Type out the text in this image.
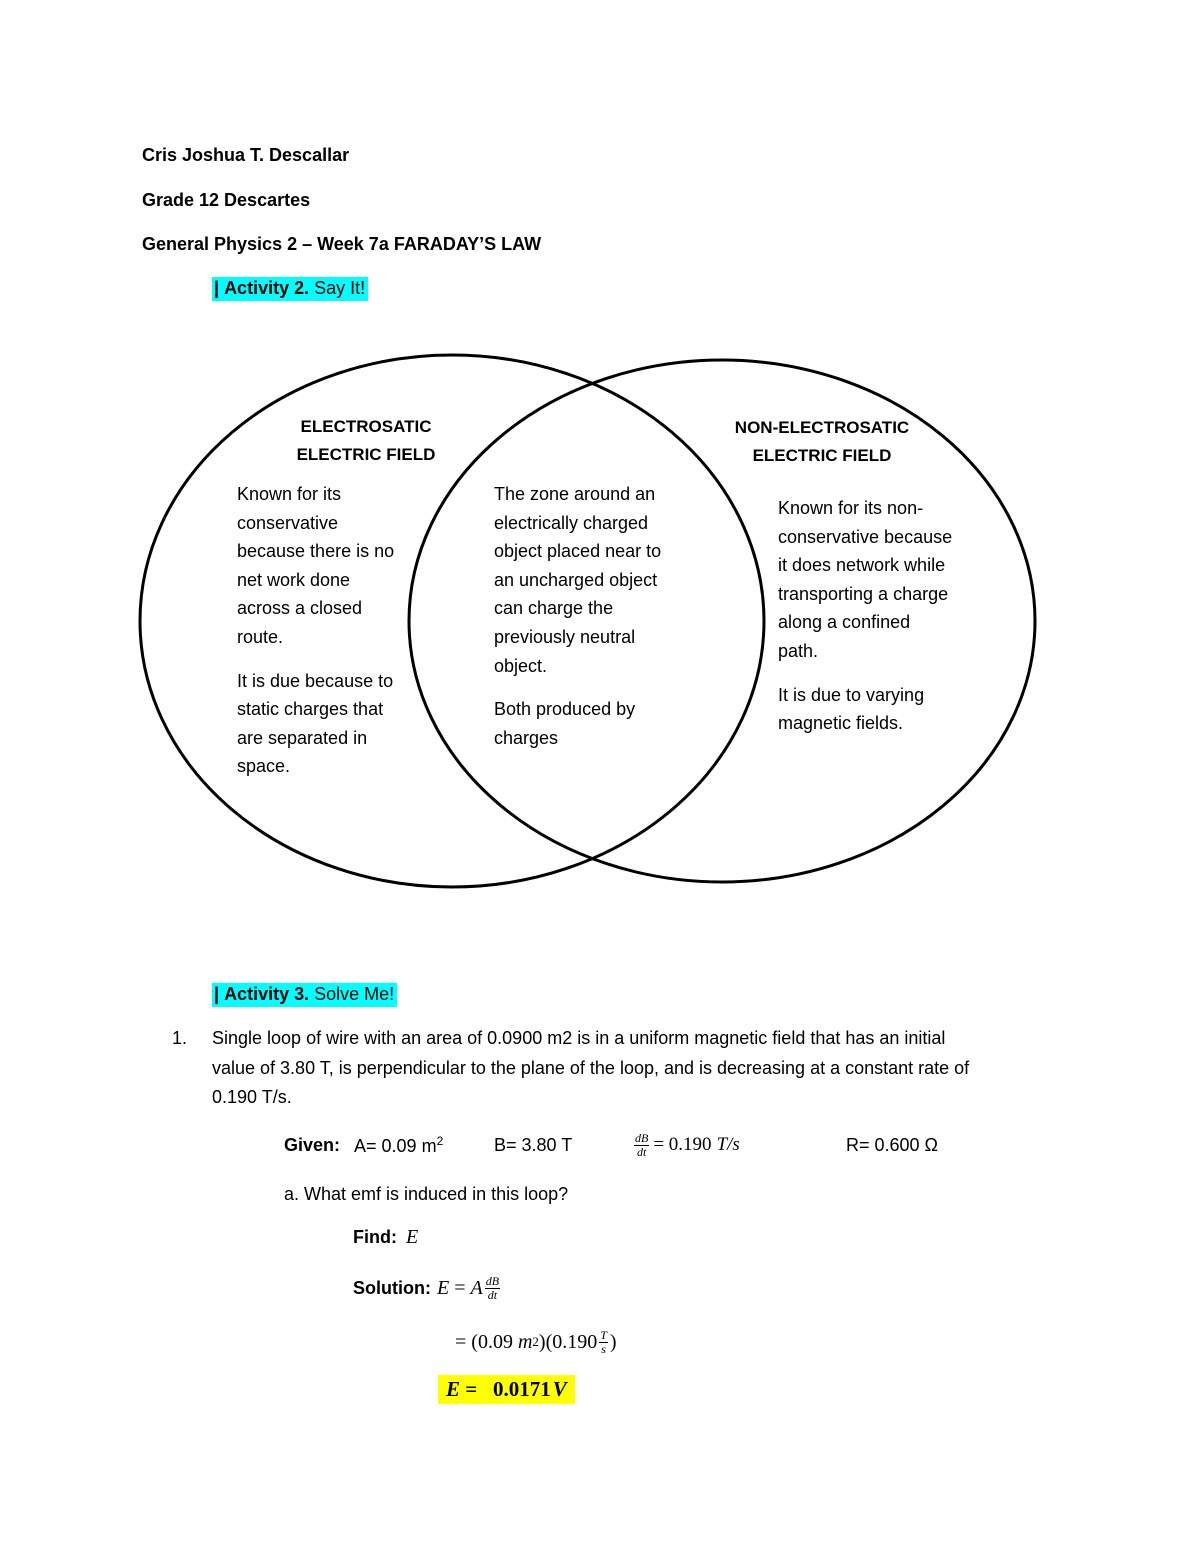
Cris Joshua T. Descallar
Grade 12 Descartes
General Physics 2 – Week 7a FARADAY’S LAW
| Activity 2. Say It!
ELECTROSATIC
ELECTRIC FIELD
Known for its
conservative
because there is no
net work done
across a closed
route.
It is due because to
static charges that
are separated in
space.
The zone around an
electrically charged
object placed near to
an uncharged object
can charge the
previously neutral
object.
Both produced by
charges
NON-ELECTROSATIC
ELECTRIC FIELD
Known for its non-
conservative because
it does network while
transporting a charge
along a confined
path.
It is due to varying
magnetic fields.
| Activity 3. Solve Me!
1. Single loop of wire with an area of 0.0900 m2 is in a uniform magnetic field that has an initial
value of 3.80 T, is perpendicular to the plane of the loop, and is decreasing at a constant rate of
0.190 T/s.
Given: A= 0.09 $m^2$	B= 3.80 T	$\frac{dB}{dt} = 0.190$ T/s	R= 0.600 Ω
a. What emf is induced in this loop?
Find: E
Solution: E = A $\frac{dB}{dt}$
= (0.09 m 2 )($0.190 \frac{T}{s}$ )
E =   0.0171V
